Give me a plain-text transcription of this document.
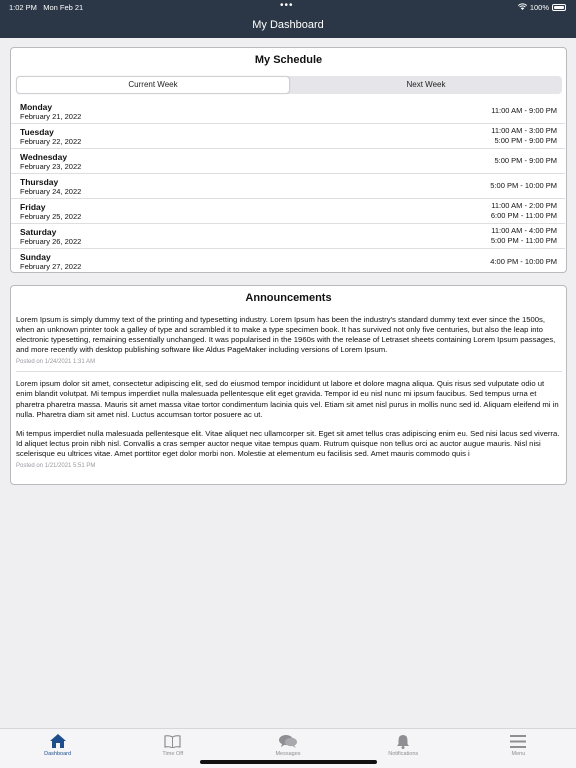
1:02 PM Mon Feb 21	•••	100%
My Dashboard
My Schedule
Current Week	Next Week
Monday
February 21, 2022
11:00 AM - 9:00 PM
Tuesday
February 22, 2022
11:00 AM - 3:00 PM
5:00 PM - 9:00 PM
Wednesday
February 23, 2022
5:00 PM - 9:00 PM
Thursday
February 24, 2022
5:00 PM - 10:00 PM
Friday
February 25, 2022
11:00 AM - 2:00 PM
6:00 PM - 11:00 PM
Saturday
February 26, 2022
11:00 AM - 4:00 PM
5:00 PM - 11:00 PM
Sunday
February 27, 2022
4:00 PM - 10:00 PM
Announcements
Lorem Ipsum is simply dummy text of the printing and typesetting industry. Lorem Ipsum has been the industry's standard dummy text ever since the 1500s, when an unknown printer took a galley of type and scrambled it to make a type specimen book. It has survived not only five centuries, but also the leap into electronic typesetting, remaining essentially unchanged. It was popularised in the 1960s with the release of Letraset sheets containing Lorem Ipsum passages, and more recently with desktop publishing software like Aldus PageMaker including versions of Lorem Ipsum.
Posted on 1/24/2021 1:31 AM
Lorem ipsum dolor sit amet, consectetur adipiscing elit, sed do eiusmod tempor incididunt ut labore et dolore magna aliqua. Quis risus sed vulputate odio ut enim blandit volutpat. Mi tempus imperdiet nulla malesuada pellentesque elit eget gravida. Tempor id eu nisl nunc mi ipsum faucibus. Sed tempus urna et pharetra pharetra massa. Mauris sit amet massa vitae tortor condimentum lacinia quis vel. Etiam sit amet nisl purus in mollis nunc sed id. Aliquam eleifend mi in nulla. Pharetra diam sit amet nisl. Luctus accumsan tortor posuere ac ut.
Mi tempus imperdiet nulla malesuada pellentesque elit. Vitae aliquet nec ullamcorper sit. Eget sit amet tellus cras adipiscing enim eu. Sed nisi lacus sed viverra. Id aliquet lectus proin nibh nisl. Convallis a cras semper auctor neque vitae tempus quam. Rutrum quisque non tellus orci ac auctor augue mauris. Nisl nisi scelerisque eu ultrices vitae. Amet porttitor eget dolor morbi non. Molestie at elementum eu facilisis sed. Amet mauris commodo quis i
Posted on 1/21/2021 5:51 PM
Dashboard	Time Off	Messages	Notifications	Menu
